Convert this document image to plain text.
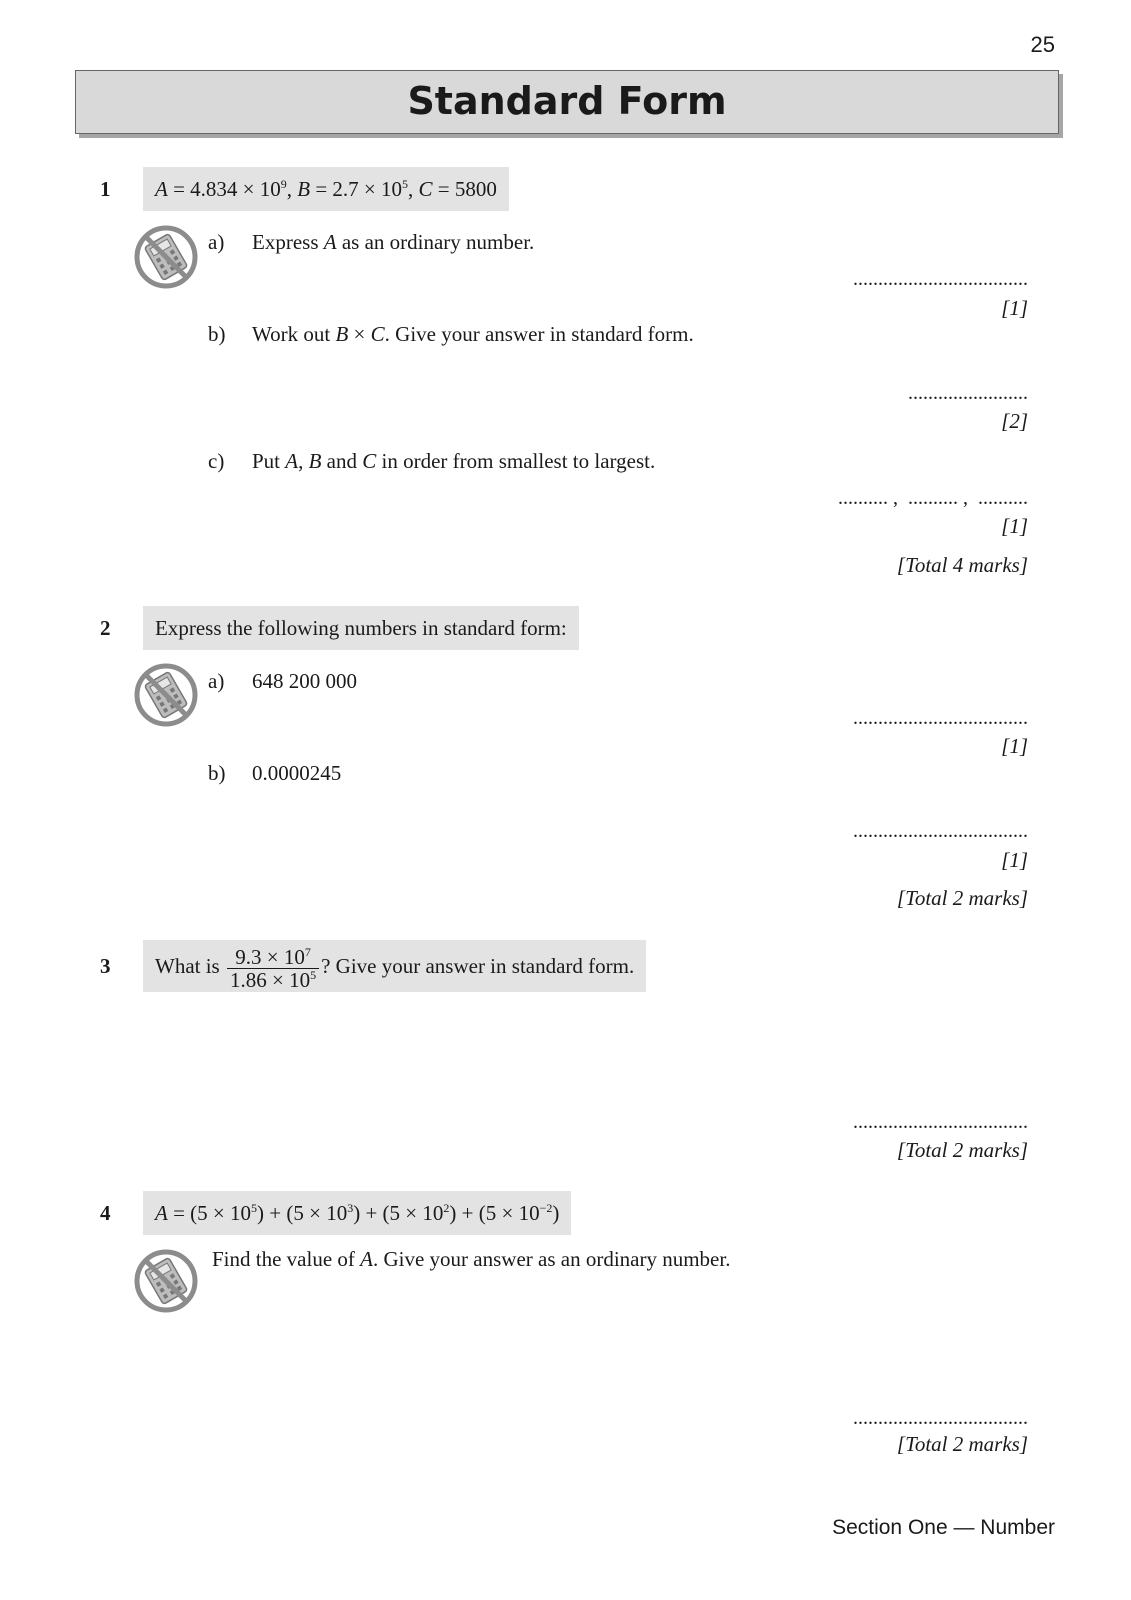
25
Standard Form
1	$A = 4.834 \times 10^9$, $B = 2.7 \times 10^5$, C = 5800
a) Express A as an ordinary number.
...................................
[1]
b) Work out B × C. Give your answer in standard form.
........................
[2]
c) Put A, B and C in order from smallest to largest.
.......... ,  .......... ,  ..........
[1]
[Total 4 marks]
2	Express the following numbers in standard form:
a) 648 200 000
...................................
[1]
b) 0.0000245
...................................
[1]
[Total 2 marks]
3	What is $\frac{9.3 \times 10^7}{1.86 \times 10^5}$ ? Give your answer in standard form.
...................................
[Total 2 marks]
4	$A = (5 \times 10^5) + (5 \times 10^3) + (5 \times 10^2) + (5 \times 10^{-2})$
Find the value of A. Give your answer as an ordinary number.
...................................
[Total 2 marks]
Section One — Number
